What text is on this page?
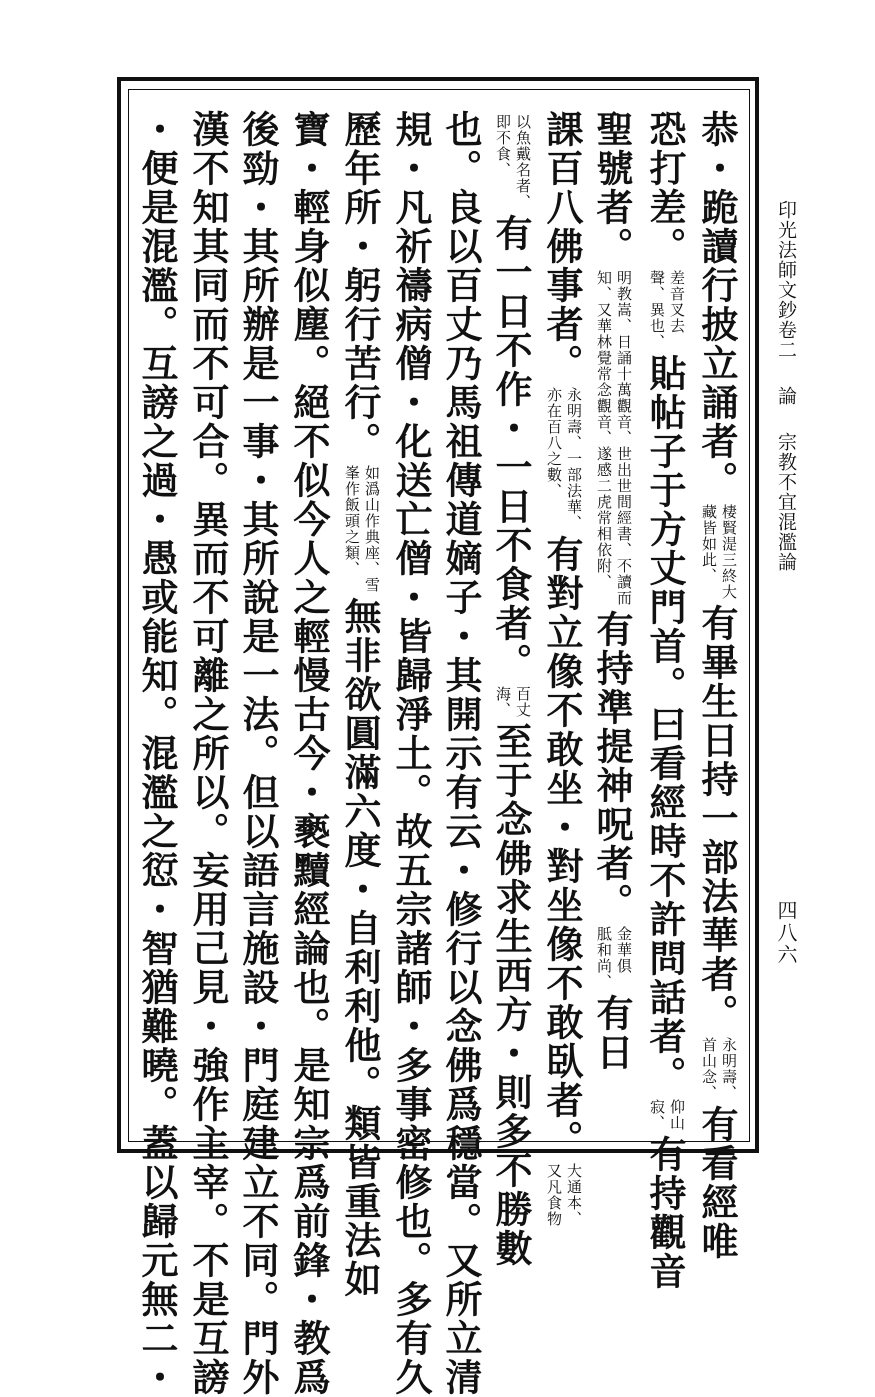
印光法師文鈔卷二論宗教不宜混濫論
四八六
恭・跪讀行披立誦者。棲賢湜三終大
藏皆如此、有畢生日持一部法華者。永明壽、
首山念、有看經唯
恐打差。差音叉去
聲、異也、貼帖子于方丈門首。曰看經時不許問話者。仰山
寂、有持觀音
聖號者。明教嵩、日誦十萬觀音、世出世間經書、不讀而
知、又華林覺常念觀音、遂感二虎常相依附、有持準提神呪者。金華俱
胝和尚、有日
課百八佛事者。永明壽、一部法華、
亦在百八之數、有對立像不敢坐・對坐像不敢臥者。大通本、
又凡食物
以魚戴名者、
即不食、有一日不作・一日不食者。百丈
海、至于念佛求生西方・則多不勝數
也。良以百丈乃馬祖傳道嫡子・其開示有云・修行以念佛爲穩當。又所立清
規・凡祈禱病僧・化送亡僧・皆歸淨土。故五宗諸師・多事密修也。多有久
歷年所・躬行苦行。如潙山作典座、雪
峯作飯頭之類、無非欲圓滿六度・自利利他。類皆重法如
寶・輕身似塵。絕不似今人之輕慢古今・褻黷經論也。是知宗爲前鋒・教爲
後勁・其所辦是一事・其所說是一法。但以語言施設・門庭建立不同。門外
漢不知其同而不可合。異而不可離之所以。妄用己見・強作主宰。不是互謗
・便是混濫。互謗之過・愚或能知。混濫之愆・智猶難曉。蓋以歸元無二・
